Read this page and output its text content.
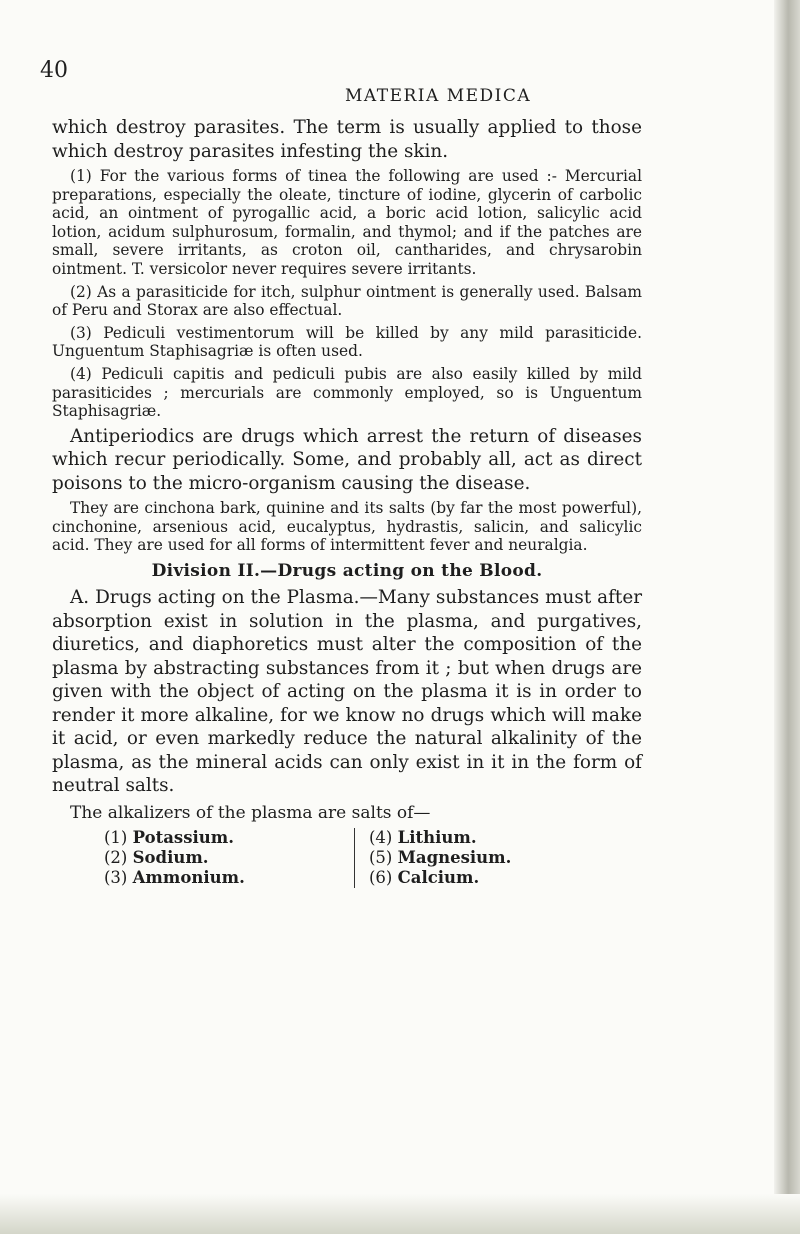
40
MATERIA MEDICA

which destroy parasites. The term is usually applied to those which destroy parasites infesting the skin.

(1) For the various forms of tinea the following are used :- Mercurial preparations, especially the oleate, tincture of iodine, glycerin of carbolic acid, an ointment of pyrogallic acid, a boric acid lotion, salicylic acid lotion, acidum sulphurosum, formalin, and thymol; and if the patches are small, severe irritants, as croton oil, cantharides, and chrysarobin ointment. T. versicolor never requires severe irritants.

(2) As a parasiticide for itch, sulphur ointment is generally used. Balsam of Peru and Storax are also effectual.

(3) Pediculi vestimentorum will be killed by any mild parasiticide. Unguentum Staphisagriæ is often used.

(4) Pediculi capitis and pediculi pubis are also easily killed by mild parasiticides ; mercurials are commonly employed, so is Unguentum Staphisagriæ.

Antiperiodics are drugs which arrest the return of diseases which recur periodically. Some, and probably all, act as direct poisons to the micro-organism causing the disease.

They are cinchona bark, quinine and its salts (by far the most powerful), cinchonine, arsenious acid, eucalyptus, hydrastis, salicin, and salicylic acid. They are used for all forms of intermittent fever and neuralgia.

Division II.—Drugs acting on the Blood.

A. Drugs acting on the Plasma.—Many substances must after absorption exist in solution in the plasma, and purgatives, diuretics, and diaphoretics must alter the composition of the plasma by abstracting substances from it ; but when drugs are given with the object of acting on the plasma it is in order to render it more alkaline, for we know no drugs which will make it acid, or even markedly reduce the natural alkalinity of the plasma, as the mineral acids can only exist in it in the form of neutral salts.

The alkalizers of the plasma are salts of—

(1) Potassium.
(2) Sodium.
(3) Ammonium.
(4) Lithium.
(5) Magnesium.
(6) Calcium.
